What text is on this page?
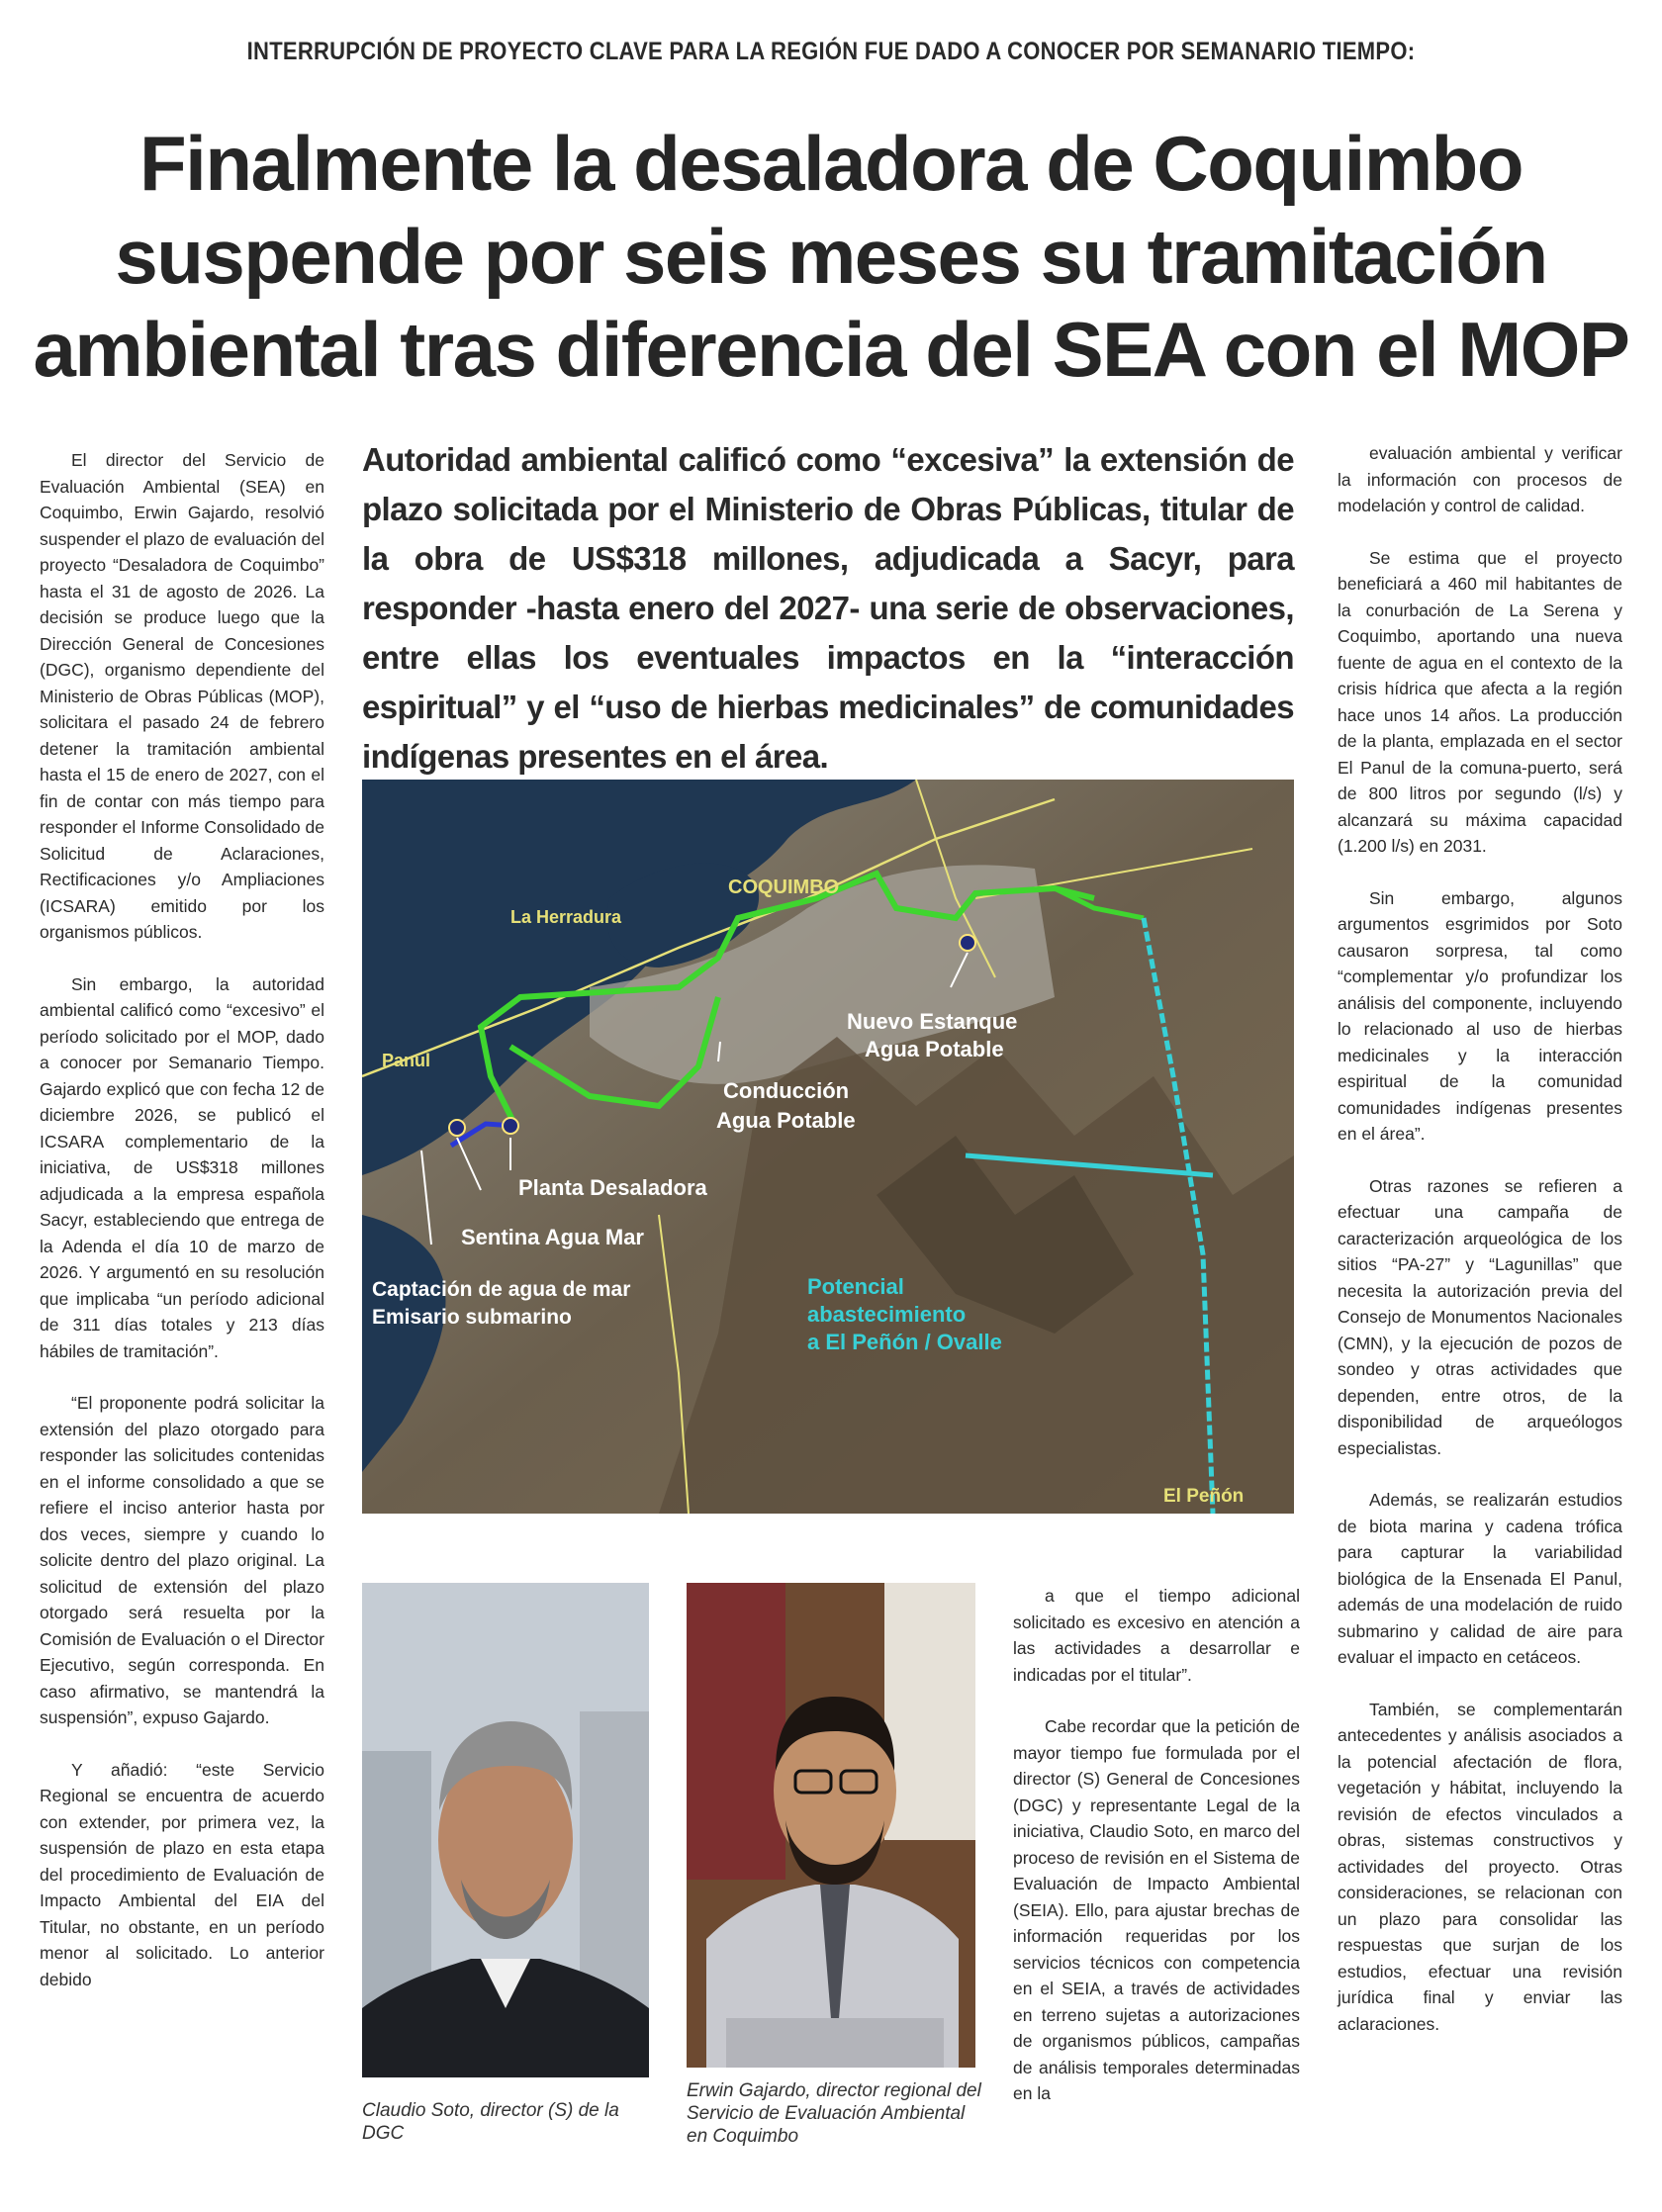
INTERRUPCIÓN DE PROYECTO CLAVE PARA LA REGIÓN FUE DADO A CONOCER POR SEMANARIO TIEMPO:
Finalmente la desaladora de Coquimbo suspende por seis meses su tramitación ambiental tras diferencia del SEA con el MOP

El director del Servicio de Evaluación Ambiental (SEA) en Coquimbo, Erwin Gajardo, resolvió suspender el plazo de evaluación del proyecto “Desaladora de Coquimbo” hasta el 31 de agosto de 2026. La decisión se produce luego que la Dirección General de Concesiones (DGC), organismo dependiente del Ministerio de Obras Públicas (MOP), solicitara el pasado 24 de febrero detener la tramitación ambiental hasta el 15 de enero de 2027, con el fin de contar con más tiempo para responder el Informe Consolidado de Solicitud de Aclaraciones, Rectificaciones y/o Ampliaciones (ICSARA) emitido por los organismos públicos.

Sin embargo, la autoridad ambiental calificó como “excesivo” el período solicitado por el MOP, dado a conocer por Semanario Tiempo. Gajardo explicó que con fecha 12 de diciembre 2026, se publicó el ICSARA complementario de la iniciativa, de US$318 millones adjudicada a la empresa española Sacyr, estableciendo que entrega de la Adenda el día 10 de marzo de 2026. Y argumentó en su resolución que implicaba “un período adicional de 311 días totales y 213 días hábiles de tramitación”.

“El proponente podrá solicitar la extensión del plazo otorgado para responder las solicitudes contenidas en el informe consolidado a que se refiere el inciso anterior hasta por dos veces, siempre y cuando lo solicite dentro del plazo original. La solicitud de extensión del plazo otorgado será resuelta por la Comisión de Evaluación o el Director Ejecutivo, según corresponda. En caso afirmativo, se mantendrá la suspensión”, expuso Gajardo.

Y añadió: “este Servicio Regional se encuentra de acuerdo con extender, por primera vez, la suspensión de plazo en esta etapa del procedimiento de Evaluación de Impacto Ambiental del EIA del Titular, no obstante, en un período menor al solicitado. Lo anterior debido

Autoridad ambiental calificó como “excesiva” la extensión de plazo solicitada por el Ministerio de Obras Públicas, titular de la obra de US$318 millones, adjudicada a Sacyr, para responder -hasta enero del 2027- una serie de observaciones, entre ellas los eventuales impactos en la “interacción espiritual” y el “uso de hierbas medicinales” de comunidades indígenas presentes en el área.
COQUIMBO
La Herradura
Panul
Nuevo Estanque
Agua Potable
Conducción
Agua Potable
Planta Desaladora
Sentina Agua Mar
Captación de agua de mar
Emisario submarino
Potencial
abastecimiento
a El Peñón / Ovalle
El Peñón
Claudio Soto, director (S) de la DGC
Erwin Gajardo, director regional del Servicio de Evaluación Ambiental en Coquimbo

a que el tiempo adicional solicitado es excesivo en atención a las actividades a desarrollar e indicadas por el titular”.

Cabe recordar que la petición de mayor tiempo fue formulada por el director (S) General de Concesiones (DGC) y representante Legal de la iniciativa, Claudio Soto, en marco del proceso de revisión en el Sistema de Evaluación de Impacto Ambiental (SEIA). Ello, para ajustar brechas de información requeridas por los servicios técnicos con competencia en el SEIA, a través de actividades en terreno sujetas a autorizaciones de organismos públicos, campañas de análisis temporales determinadas en la

evaluación ambiental y verificar la información con procesos de modelación y control de calidad.

Se estima que el proyecto beneficiará a 460 mil habitantes de la conurbación de La Serena y Coquimbo, aportando una nueva fuente de agua en el contexto de la crisis hídrica que afecta a la región hace unos 14 años. La producción de la planta, emplazada en el sector El Panul de la comuna-puerto, será de 800 litros por segundo (l/s) y alcanzará su máxima capacidad (1.200 l/s) en 2031.

Sin embargo, algunos argumentos esgrimidos por Soto causaron sorpresa, tal como “complementar y/o profundizar los análisis del componente, incluyendo lo relacionado al uso de hierbas medicinales y la interacción espiritual de la comunidad comunidades indígenas presentes en el área”.

Otras razones se refieren a efectuar una campaña de caracterización arqueológica de los sitios “PA-27” y “Lagunillas” que necesita la autorización previa del Consejo de Monumentos Nacionales (CMN), y la ejecución de pozos de sondeo y otras actividades que dependen, entre otros, de la disponibilidad de arqueólogos especialistas.

Además, se realizarán estudios de biota marina y cadena trófica para capturar la variabilidad biológica de la Ensenada El Panul, además de una modelación de ruido submarino y calidad de aire para evaluar el impacto en cetáceos.

También, se complementarán antecedentes y análisis asociados a la potencial afectación de flora, vegetación y hábitat, incluyendo la revisión de efectos vinculados a obras, sistemas constructivos y actividades del proyecto. Otras consideraciones, se relacionan con un plazo para consolidar las respuestas que surjan de los estudios, efectuar una revisión jurídica final y enviar las aclaraciones.
